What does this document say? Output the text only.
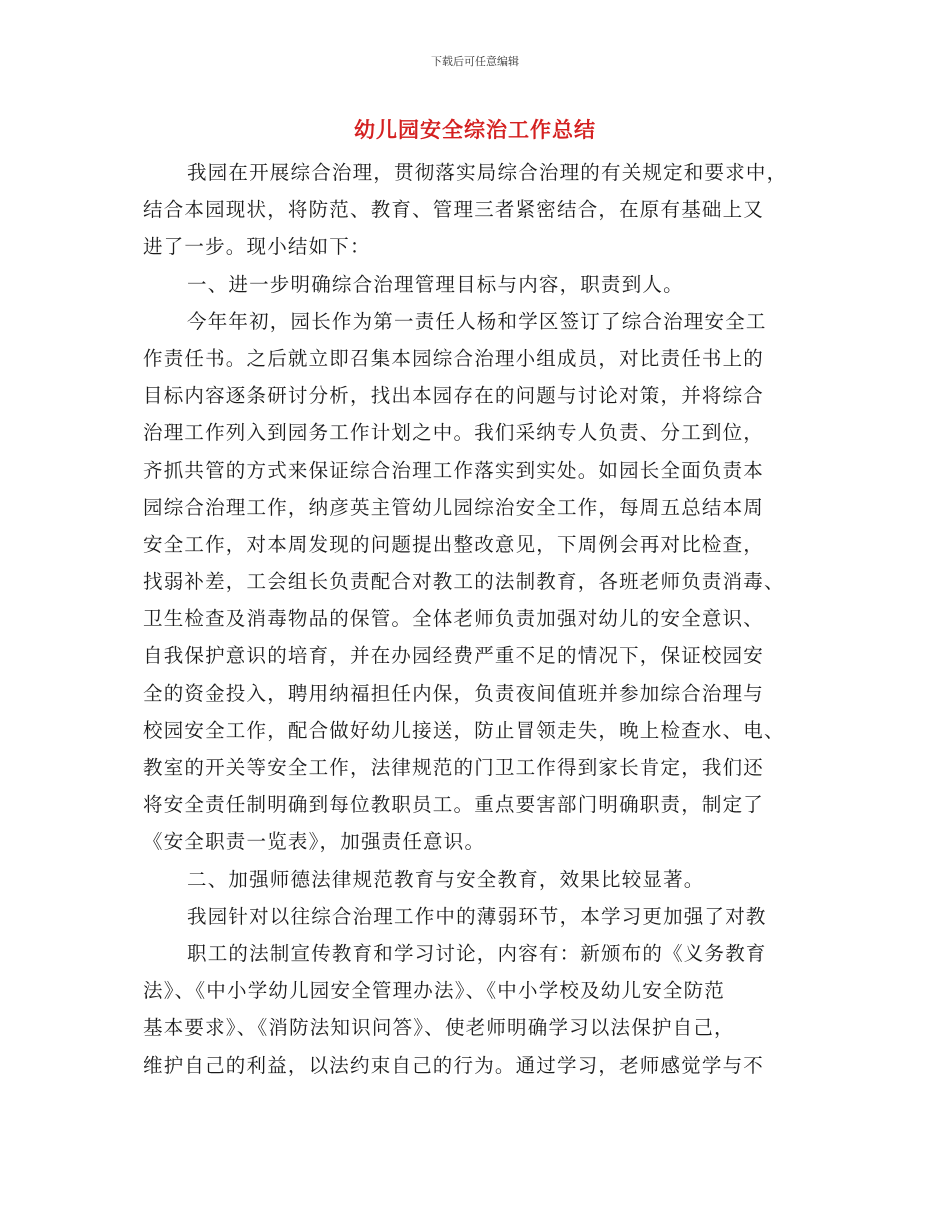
下载后可任意编辑
幼儿园安全综治工作总结
我园在开展综合治理，贯彻落实局综合治理的有关规定和要求中，
结合本园现状，将防范、教育、管理三者紧密结合，在原有基础上又
进了一步。现小结如下：
一、进一步明确综合治理管理目标与内容，职责到人。
今年年初，园长作为第一责任人杨和学区签订了综合治理安全工
作责任书。之后就立即召集本园综合治理小组成员，对比责任书上的
目标内容逐条研讨分析，找出本园存在的问题与讨论对策，并将综合
治理工作列入到园务工作计划之中。我们采纳专人负责、分工到位，
齐抓共管的方式来保证综合治理工作落实到实处。如园长全面负责本
园综合治理工作，纳彦英主管幼儿园综治安全工作，每周五总结本周
安全工作，对本周发现的问题提出整改意见，下周例会再对比检查，
找弱补差，工会组长负责配合对教工的法制教育，各班老师负责消毒、
卫生检查及消毒物品的保管。全体老师负责加强对幼儿的安全意识、
自我保护意识的培育，并在办园经费严重不足的情况下，保证校园安
全的资金投入，聘用纳福担任内保，负责夜间值班并参加综合治理与
校园安全工作，配合做好幼儿接送，防止冒领走失，晚上检查水、电、
教室的开关等安全工作，法律规范的门卫工作得到家长肯定，我们还
将安全责任制明确到每位教职员工。重点要害部门明确职责，制定了
《安全职责一览表》，加强责任意识。
二、加强师德法律规范教育与安全教育，效果比较显著。
我园针对以往综合治理工作中的薄弱环节，本学习更加强了对教
职工的法制宣传教育和学习讨论，内容有：新颁布的《义务教育
法》、《中小学幼儿园安全管理办法》、《中小学校及幼儿安全防范
基本要求》、《消防法知识问答》、使老师明确学习以法保护自己，
维护自己的利益，以法约束自己的行为。通过学习，老师感觉学与不
